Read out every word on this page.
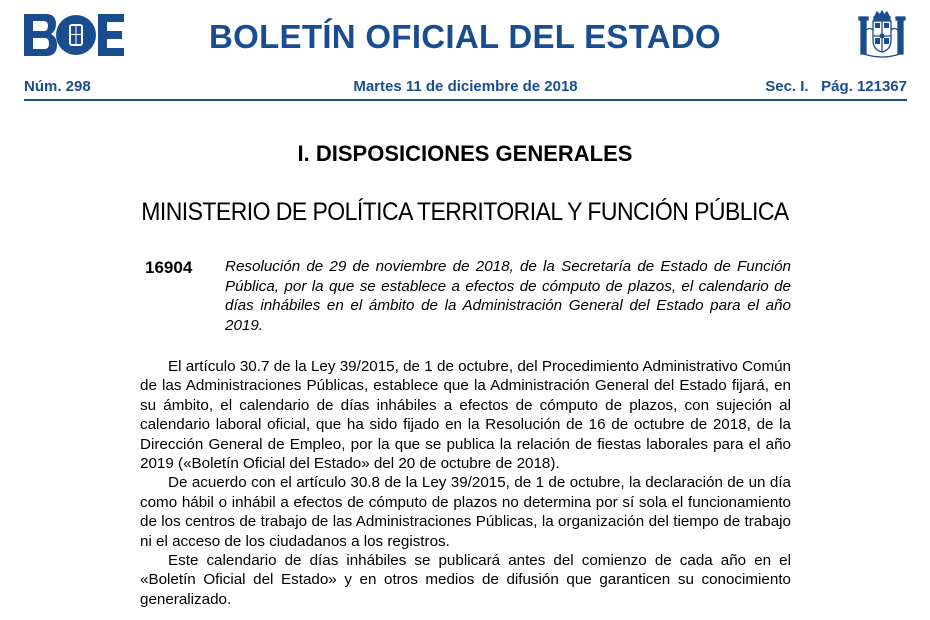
BOLETÍN OFICIAL DEL ESTADO
Núm. 298	Martes 11 de diciembre de 2018	Sec. I.   Pág. 121367
I. DISPOSICIONES GENERALES
MINISTERIO DE POLÍTICA TERRITORIAL Y FUNCIÓN PÚBLICA
16904 Resolución de 29 de noviembre de 2018, de la Secretaría de Estado de Función Pública, por la que se establece a efectos de cómputo de plazos, el calendario de días inhábiles en el ámbito de la Administración General del Estado para el año 2019.

El artículo 30.7 de la Ley 39/2015, de 1 de octubre, del Procedimiento Administrativo Común de las Administraciones Públicas, establece que la Administración General del Estado fijará, en su ámbito, el calendario de días inhábiles a efectos de cómputo de plazos, con sujeción al calendario laboral oficial, que ha sido fijado en la Resolución de 16 de octubre de 2018, de la Dirección General de Empleo, por la que se publica la relación de fiestas laborales para el año 2019 («Boletín Oficial del Estado» del 20 de octubre de 2018).

De acuerdo con el artículo 30.8 de la Ley 39/2015, de 1 de octubre, la declaración de un día como hábil o inhábil a efectos de cómputo de plazos no determina por sí sola el funcionamiento de los centros de trabajo de las Administraciones Públicas, la organización del tiempo de trabajo ni el acceso de los ciudadanos a los registros.

Este calendario de días inhábiles se publicará antes del comienzo de cada año en el «Boletín Oficial del Estado» y en otros medios de difusión que garanticen su conocimiento generalizado.
